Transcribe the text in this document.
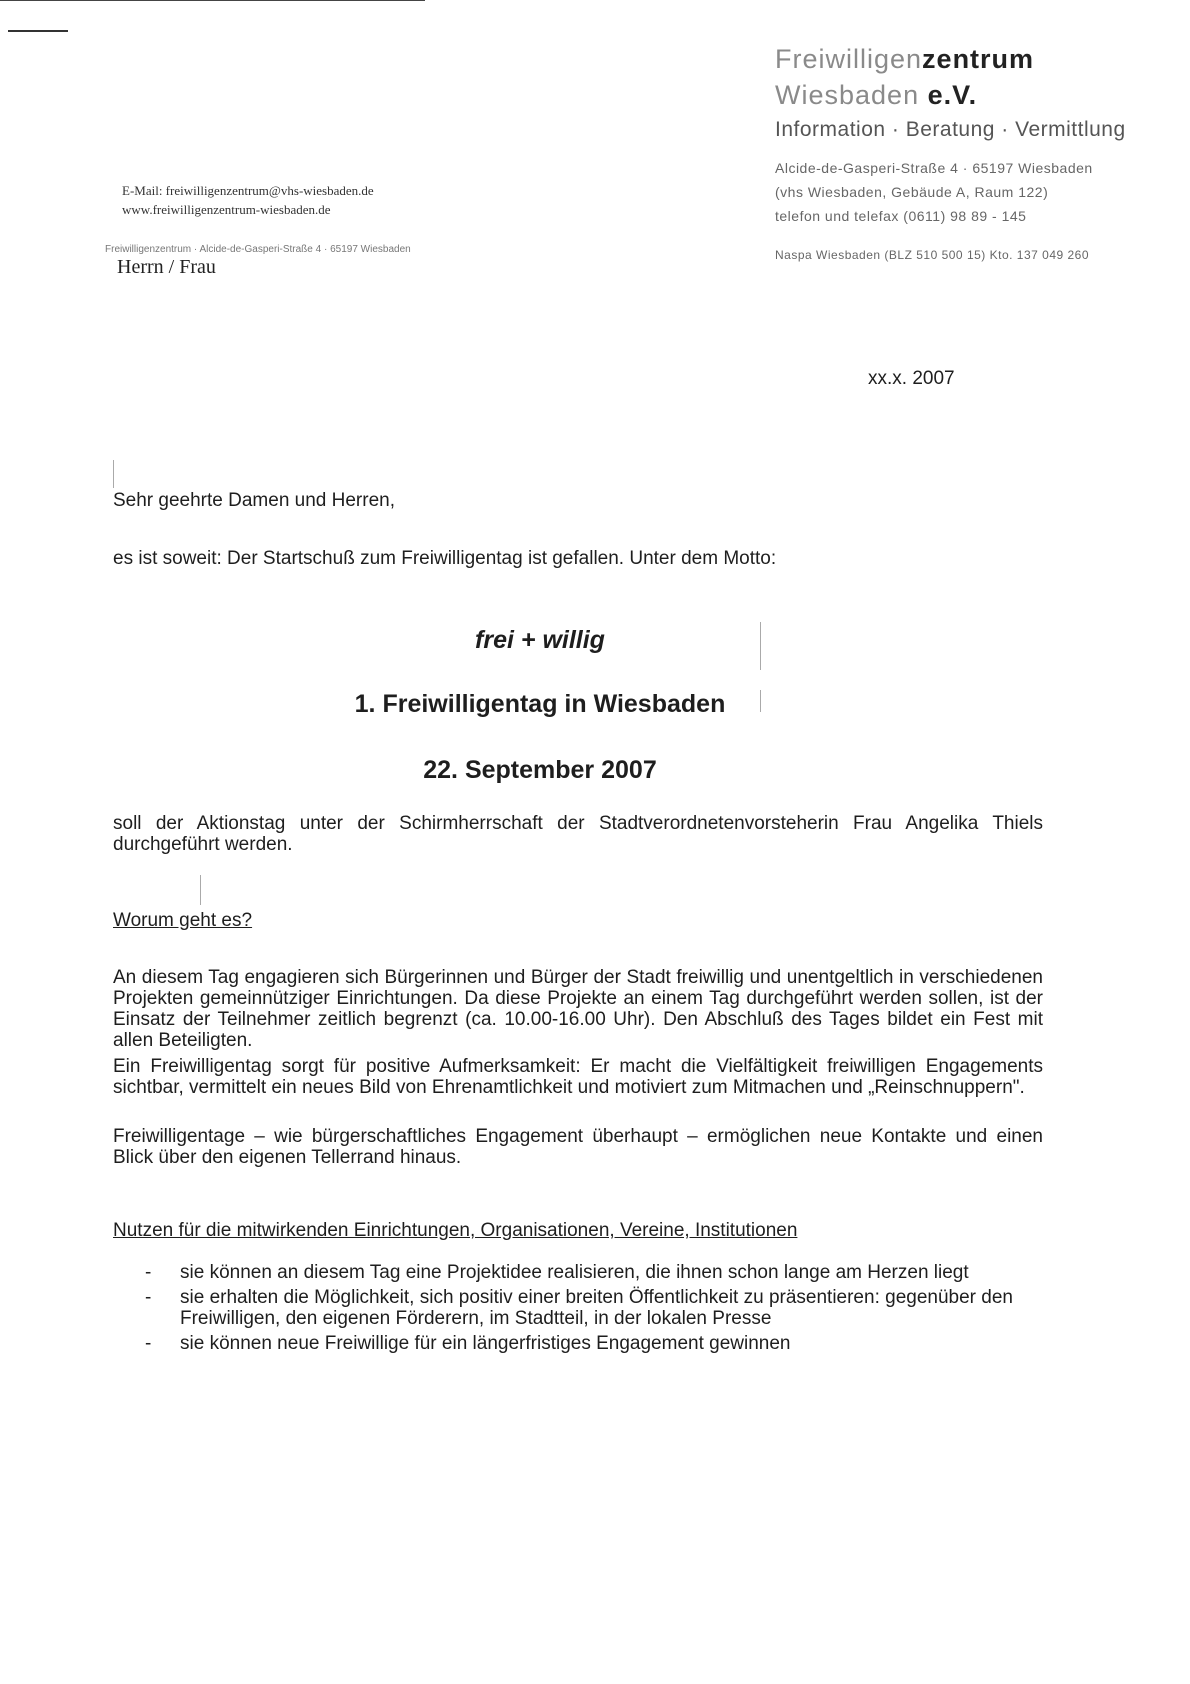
Freiwilligenzentrum
Wiesbaden e.V.
Information · Beratung · Vermittlung
Alcide-de-Gasperi-Straße 4 · 65197 Wiesbaden
(vhs Wiesbaden, Gebäude A, Raum 122)
telefon und telefax (0611) 98 89 - 145
Naspa Wiesbaden (BLZ 510 500 15) Kto. 137 049 260
E-Mail: freiwilligenzentrum@vhs-wiesbaden.de
www.freiwilligenzentrum-wiesbaden.de
Freiwilligenzentrum · Alcide-de-Gasperi-Straße 4 · 65197 Wiesbaden
Herrn / Frau
xx.x. 2007
Sehr geehrte Damen und Herren,
es ist soweit: Der Startschuß zum Freiwilligentag ist gefallen. Unter dem Motto:
frei + willig
1. Freiwilligentag in Wiesbaden
22. September 2007
soll der Aktionstag unter der Schirmherrschaft der Stadtverordnetenvorsteherin Frau Angelika Thiels durchgeführt werden.
Worum geht es?
An diesem Tag engagieren sich Bürgerinnen und Bürger der Stadt freiwillig und unentgeltlich in verschiedenen Projekten gemeinnütziger Einrichtungen. Da diese Projekte an einem Tag durchgeführt werden sollen, ist der Einsatz der Teilnehmer zeitlich begrenzt (ca. 10.00-16.00 Uhr). Den Abschluß des Tages bildet ein Fest mit allen Beteiligten.
Ein Freiwilligentag sorgt für positive Aufmerksamkeit: Er macht die Vielfältigkeit freiwilligen Engagements sichtbar, vermittelt ein neues Bild von Ehrenamtlichkeit und motiviert zum Mitmachen und „Reinschnuppern".
Freiwilligentage – wie bürgerschaftliches Engagement überhaupt – ermöglichen neue Kontakte und einen Blick über den eigenen Tellerrand hinaus.
Nutzen für die mitwirkenden Einrichtungen, Organisationen, Vereine, Institutionen
- sie können an diesem Tag eine Projektidee realisieren, die ihnen schon lange am Herzen liegt
- sie erhalten die Möglichkeit, sich positiv einer breiten Öffentlichkeit zu präsentieren: gegenüber den Freiwilligen, den eigenen Förderern, im Stadtteil, in der lokalen Presse
- sie können neue Freiwillige für ein längerfristiges Engagement gewinnen
